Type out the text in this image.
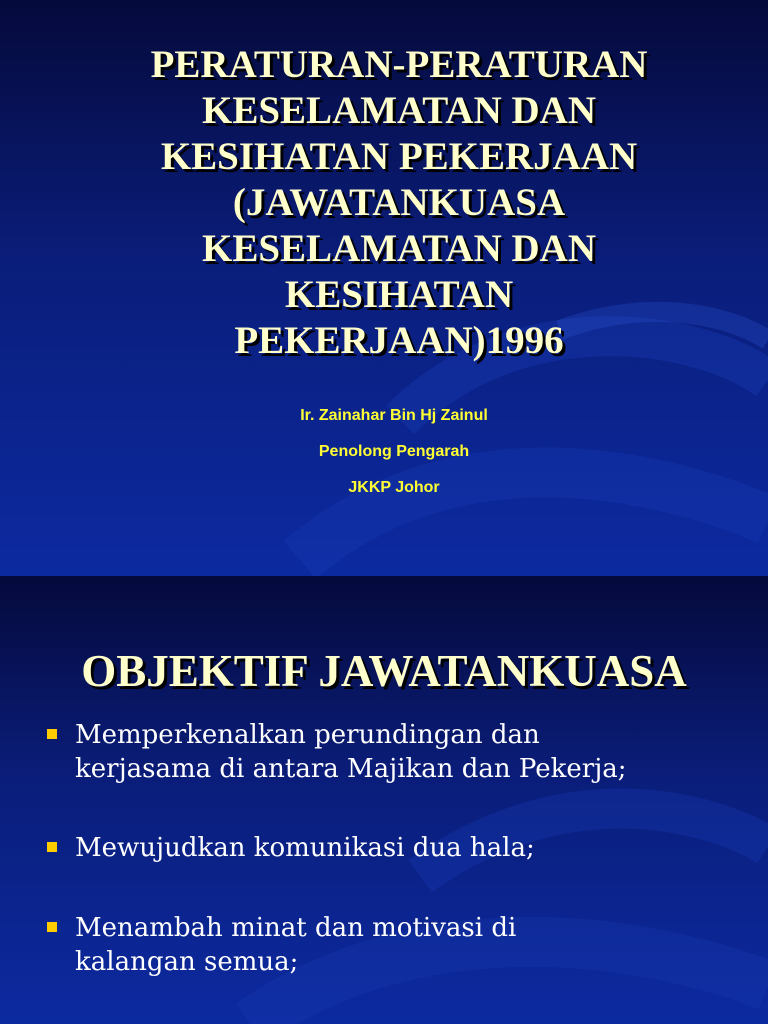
PERATURAN-PERATURAN
KESELAMATAN DAN
KESIHATAN PEKERJAAN
(JAWATANKUASA
KESELAMATAN DAN
KESIHATAN
PEKERJAAN)1996
Ir. Zainahar Bin Hj Zainul
Penolong Pengarah
JKKP Johor
OBJEKTIF JAWATANKUASA
Memperkenalkan perundingan dan
kerjasama di antara Majikan dan Pekerja;
Mewujudkan komunikasi dua hala;
Menambah minat dan motivasi di
kalangan semua;
